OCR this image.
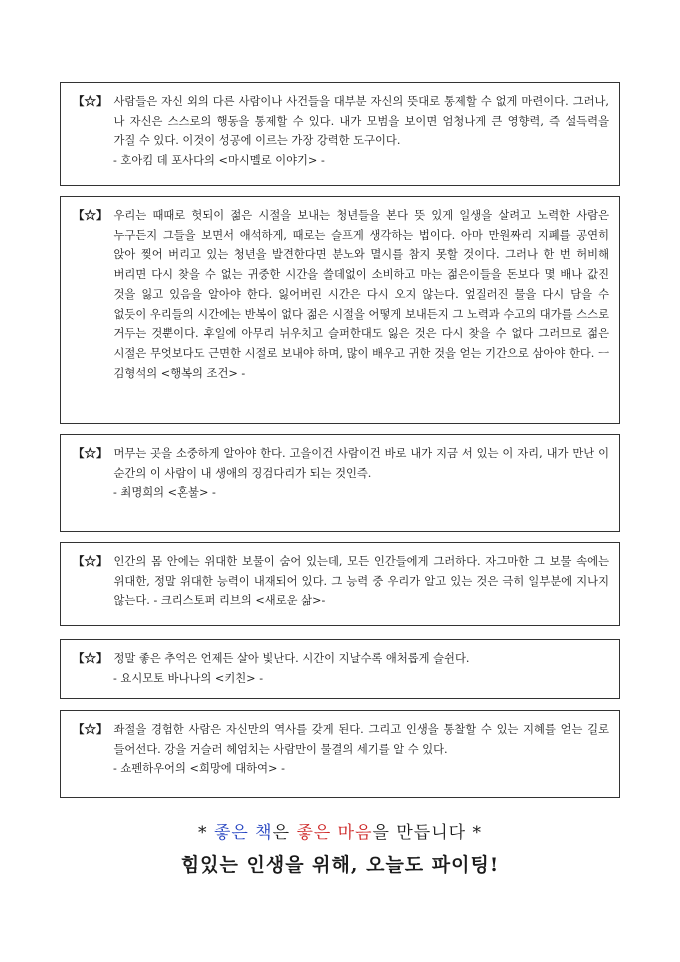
【☆】 사람들은 자신 외의 다른 사람이나 사건들을 대부분 자신의 뜻대로 통제할 수 없게 마련이다. 그러나, 나 자신은 스스로의 행동을 통제할 수 있다. 내가 모범을 보이면 엄청나게 큰 영향력, 즉 설득력을 가질 수 있다. 이것이 성공에 이르는 가장 강력한 도구이다.
- 호아킴 데 포사다의 <마시멜로 이야기> -
【☆】 우리는 때때로 헛되이 젊은 시절을 보내는 청년들을 본다 뜻 있게 일생을 살려고 노력한 사람은 누구든지 그들을 보면서 애석하게, 때로는 슬프게 생각하는 법이다. 아마 만원짜리 지폐를 공연히 앉아 찢어 버리고 있는 청년을 발견한다면 분노와 멸시를 참지 못할 것이다. 그러나 한 번 허비해 버리면 다시 찾을 수 없는 귀중한 시간을 쓸데없이 소비하고 마는 젊은이들을 돈보다 몇 배나 값진 것을 잃고 있음을 알아야 한다. 잃어버린 시간은 다시 오지 않는다. 엎질러진 물을 다시 담을 수 없듯이 우리들의 시간에는 반복이 없다 젊은 시절을 어떻게 보내든지 그 노력과 수고의 대가를 스스로 거두는 것뿐이다. 후일에 아무리 뉘우치고 슬퍼한대도 잃은 것은 다시 찾을 수 없다 그러므로 젊은 시절은 무엇보다도 근면한 시절로 보내야 하며, 많이 배우고 귀한 것을 얻는 기간으로 삼아야 한다. ㅡ 김형석의 <행복의 조건> -
【☆】 머무는 곳을 소중하게 알아야 한다. 고을이건 사람이건 바로 내가 지금 서 있는 이 자리, 내가 만난 이 순간의 이 사람이 내 생애의 징검다리가 되는 것인즉.
- 최명희의 <혼불> -
【☆】 인간의 몸 안에는 위대한 보물이 숨어 있는데, 모든 인간들에게 그러하다. 자그마한 그 보물 속에는 위대한, 정말 위대한 능력이 내재되어 있다. 그 능력 중 우리가 알고 있는 것은 극히 일부분에 지나지 않는다. - 크리스토퍼 리브의 <새로운 삶>-
【☆】 정말 좋은 추억은 언제든 살아 빛난다. 시간이 지날수록 애처롭게 슬쉰다.
- 요시모토 바나나의 <키친> -
【☆】 좌절을 경험한 사람은 자신만의 역사를 갖게 된다. 그리고 인생을 통찰할 수 있는 지혜를 얻는 길로 들어선다. 강을 거슬러 헤엄치는 사람만이 물결의 세기를 알 수 있다.
- 쇼펜하우어의 <희망에 대하여> -
* 좋은 책은 좋은 마음을 만듭니다 *
힘있는 인생을 위해, 오늘도 파이팅!
